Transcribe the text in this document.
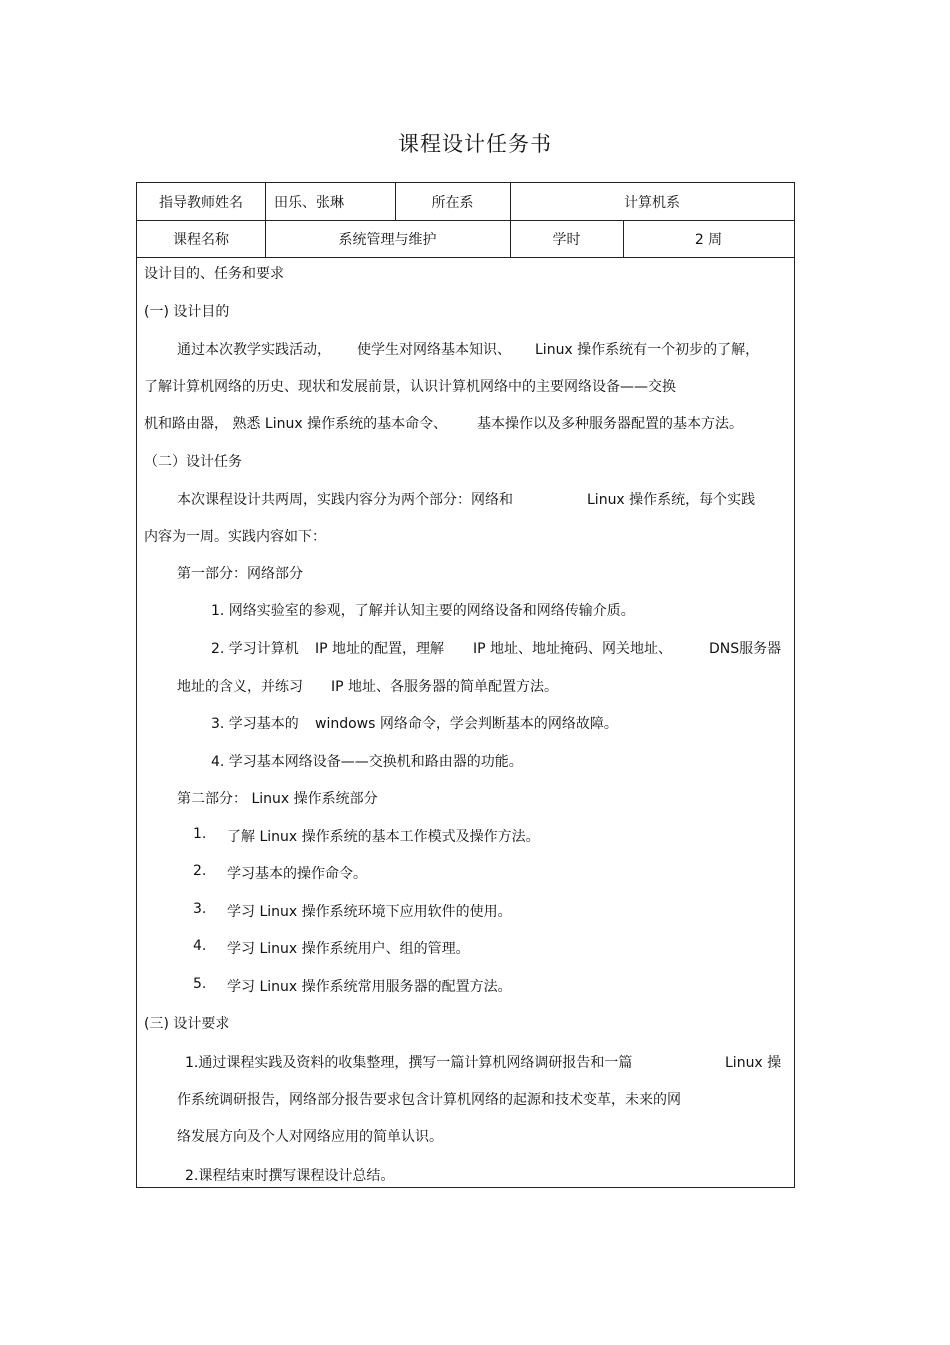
课程设计任务书
指导教师姓名	田乐、张琳	所在系	计算机系
课程名称	系统管理与维护	学时	2 周
设计目的、任务和要求
(一) 设计目的
通过本次教学实践活动， 使学生对网络基本知识、 Linux 操作系统有一个初步的了解，
了解计算机网络的历史、现状和发展前景，认识计算机网络中的主要网络设备——交换
机和路由器， 熟悉 Linux 操作系统的基本命令、 基本操作以及多种服务器配置的基本方法。
（二）设计任务
本次课程设计共两周，实践内容分为两个部分：网络和	Linux 操作系统，每个实践
内容为一周。实践内容如下：
第一部分：网络部分
1. 网络实验室的参观，了解并认知主要的网络设备和网络传输介质。
2. 学习计算机 IP 地址的配置，理解 IP 地址、地址掩码、网关地址、	DNS服务器
地址的含义，并练习 IP 地址、各服务器的简单配置方法。
3. 学习基本的 windows 网络命令，学会判断基本的网络故障。
4. 学习基本网络设备——交换机和路由器的功能。
第二部分： Linux 操作系统部分
1. 了解 Linux 操作系统的基本工作模式及操作方法。
2. 学习基本的操作命令。
3. 学习 Linux 操作系统环境下应用软件的使用。
4. 学习 Linux 操作系统用户、组的管理。
5. 学习 Linux 操作系统常用服务器的配置方法。
(三) 设计要求
1.通过课程实践及资料的收集整理，撰写一篇计算机网络调研报告和一篇	Linux 操
作系统调研报告，网络部分报告要求包含计算机网络的起源和技术变革，未来的网
络发展方向及个人对网络应用的简单认识。
2.课程结束时撰写课程设计总结。
